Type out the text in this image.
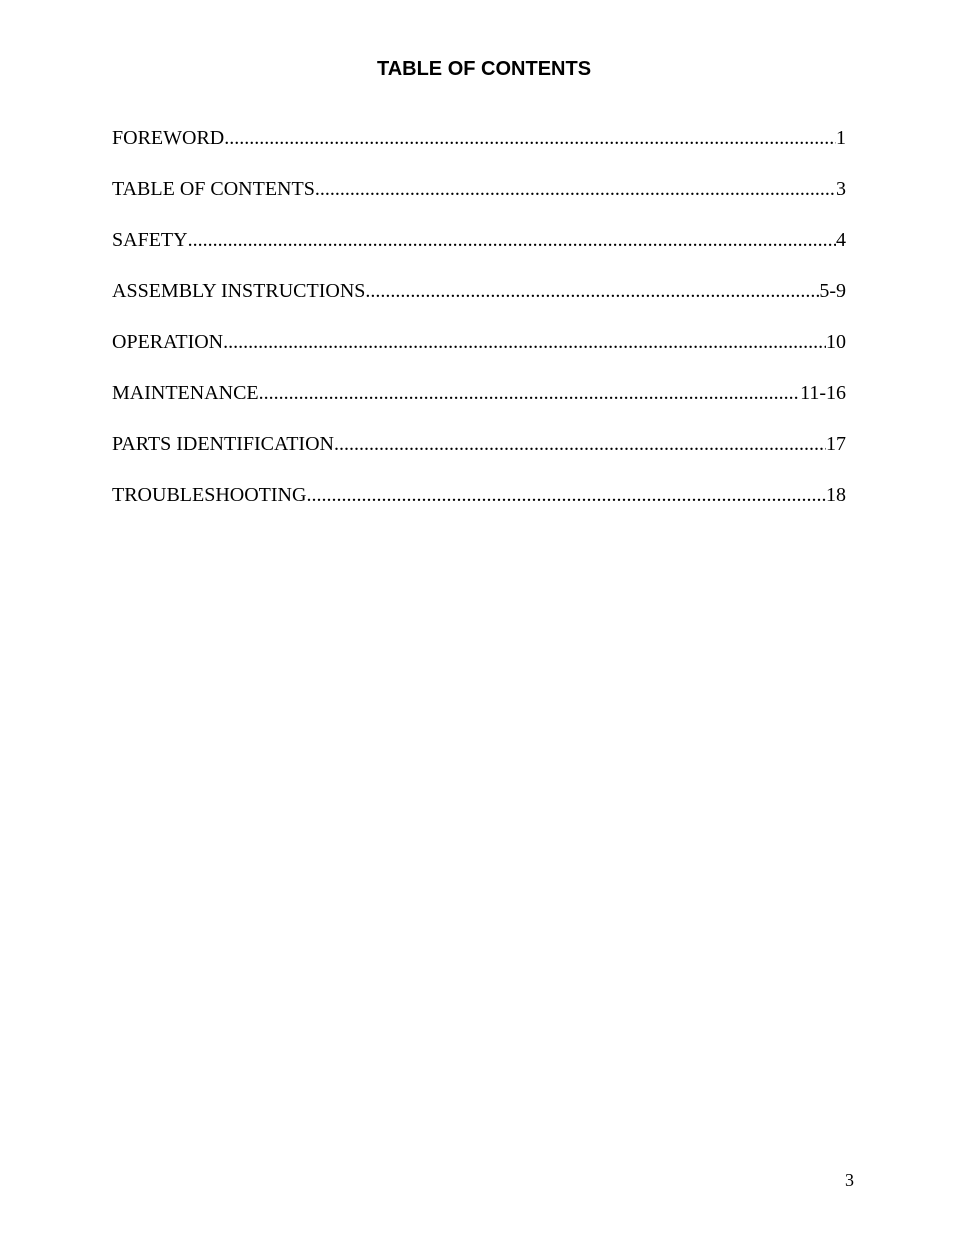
TABLE OF CONTENTS
FOREWORD .....	1
TABLE OF CONTENTS .....	3
SAFETY .....	4
ASSEMBLY INSTRUCTIONS .....	5-9
OPERATION .....	10
MAINTENANCE .....	11-16
PARTS IDENTIFICATION .....	17
TROUBLESHOOTING .....	18
3
